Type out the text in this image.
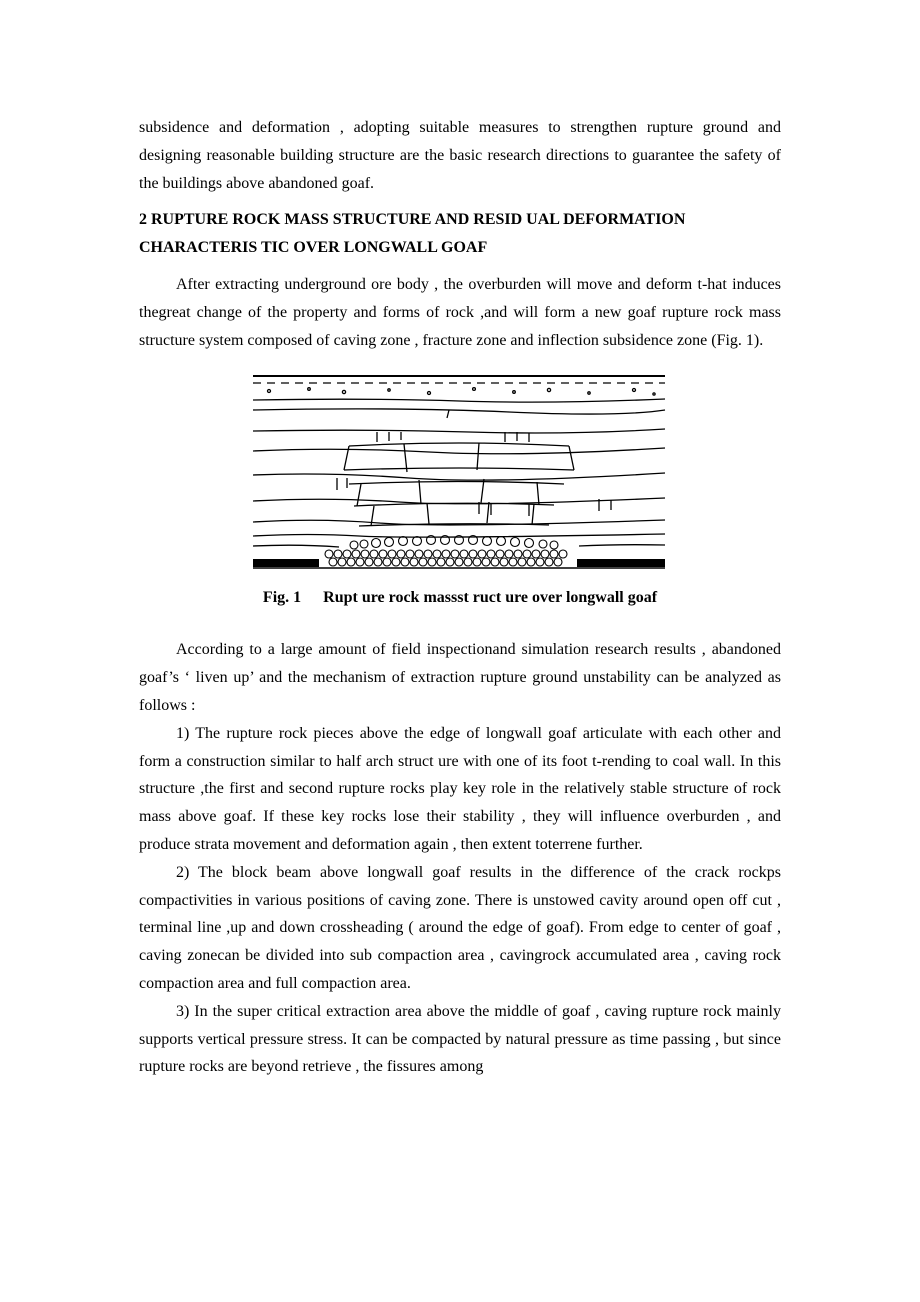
subsidence and deformation , adopting suitable measures to strengthen rupture ground and designing reasonable building structure are the basic research directions to guarantee the safety of the buildings above abandoned goaf.

2 RUPTURE ROCK MASS STRUCTURE AND RESID UAL DEFORMATION CHARACTERIS TIC OVER LONGWALL GOAF

After extracting underground ore body , the overburden will move and deform t-hat induces thegreat change of the property and forms of rock ,and will form a new goaf rupture rock mass structure system composed of caving zone , fracture zone and inflection subsidence zone (Fig. 1).

Fig. 1 Rupt ure rock massst ruct ure over longwall goaf

According to a large amount of field inspectionand simulation research results , abandoned goaf’s ‘ liven up’ and the mechanism of extraction rupture ground unstability can be analyzed as follows :

1) The rupture rock pieces above the edge of longwall goaf articulate with each other and form a construction similar to half arch struct ure with one of its foot t-rending to coal wall. In this structure ,the first and second rupture rocks play key role in the relatively stable structure of rock mass above goaf. If these key rocks lose their stability , they will influence overburden , and produce strata movement and deformation again , then extent toterrene further.

2) The block beam above longwall goaf results in the difference of the crack rockps compactivities in various positions of caving zone. There is unstowed cavity around open off cut , terminal line ,up and down crossheading ( around the edge of goaf). From edge to center of goaf , caving zonecan be divided into sub compaction area , cavingrock accumulated area , caving rock compaction area and full compaction area.

3) In the super critical extraction area above the middle of goaf , caving rupture rock mainly supports vertical pressure stress. It can be compacted by natural pressure as time passing , but since rupture rocks are beyond retrieve , the fissures among
